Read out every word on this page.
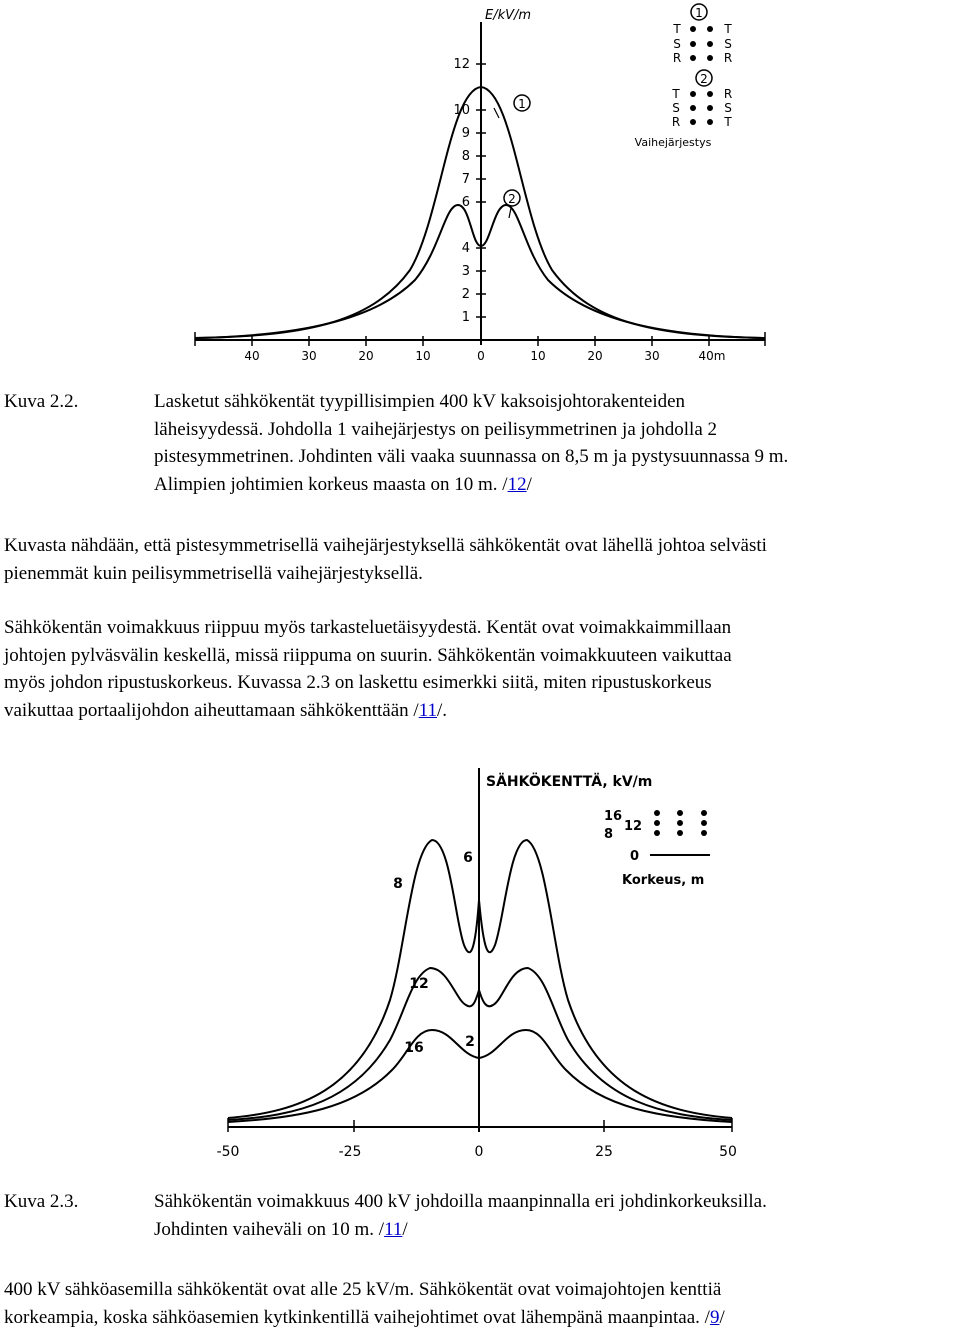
E/kV/m
12
10
9
8
7
6
4
3
2
1
40	30	20	10	0	10	20	30	40m
1
2
1
T
S
R
T
S
R
2
T
S
R
R
S
T
Vaihejärjestys
Kuva 2.2.	Lasketut sähkökentät tyypillisimpien 400 kV kaksoisjohtorakenteiden
läheisyydessä. Johdolla 1 vaihejärjestys on peilisymmetrinen ja johdolla 2
pistesymmetrinen. Johdinten väli vaaka suunnassa on 8,5 m ja pystysuunnassa 9 m.
Alimpien johtimien korkeus maasta on 10 m. /12/
Kuvasta nähdään, että pistesymmetrisellä vaihejärjestyksellä sähkökentät ovat lähellä johtoa selvästi
pienemmät kuin peilisymmetrisellä vaihejärjestyksellä.
Sähkökentän voimakkuus riippuu myös tarkasteluetäisyydestä. Kentät ovat voimakkaimmillaan
johtojen pylväsvälin keskellä, missä riippuma on suurin. Sähkökentän voimakkuuteen vaikuttaa
myös johdon ripustuskorkeus. Kuvassa 2.3 on laskettu esimerkki siitä, miten ripustuskorkeus
vaikuttaa portaalijohdon aiheuttamaan sähkökenttään /11/.
SÄHKÖKENTTÄ, kV/m
-50	-25	0	25	50
6
8
12
16	2
16
8
12
0
Korkeus, m
Kuva 2.3.	Sähkökentän voimakkuus 400 kV johdoilla maanpinnalla eri johdinkorkeuksilla.
Johdinten vaiheväli on 10 m. /11/
400 kV sähköasemilla sähkökentät ovat alle 25 kV/m. Sähkökentät ovat voimajohtojen kenttiä
korkeampia, koska sähköasemien kytkinkentillä vaihejohtimet ovat lähempänä maanpintaa. /9/
